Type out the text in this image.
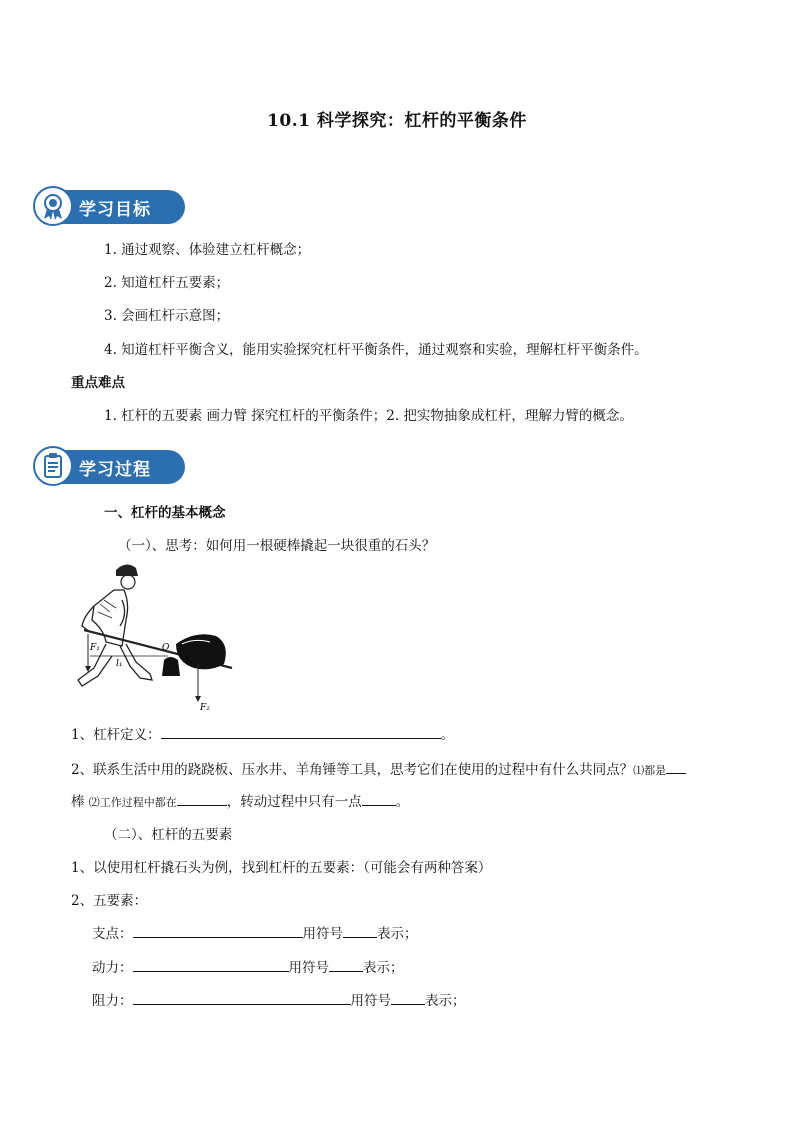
10.1 科学探究：杠杆的平衡条件
学习目标
1. 通过观察、体验建立杠杆概念；
2. 知道杠杆五要素；
3. 会画杠杆示意图；
4. 知道杠杆平衡含义，能用实验探究杠杆平衡条件，通过观察和实验，理解杠杆平衡条件。
重点难点
1. 杠杆的五要素 画力臂 探究杠杆的平衡条件；2. 把实物抽象成杠杆，理解力臂的概念。
学习过程
一、杠杆的基本概念
（一）、思考：如何用一根硬棒撬起一块很重的石头？
F₁
l₁
O
l₂
F₂
1、杠杆定义：	。
2、联系生活中用的跷跷板、压水井、羊角锤等工具，思考它们在使用的过程中有什么共同点？⑴都是
棒 ⑵工作过程中都在	，转动过程中只有一点	。
（二）、杠杆的五要素
1、以使用杠杆撬石头为例，找到杠杆的五要素：（可能会有两种答案）
2、五要素：
支点：	用符号	表示；
动力：	用符号	表示；
阻力：	用符号	表示；
